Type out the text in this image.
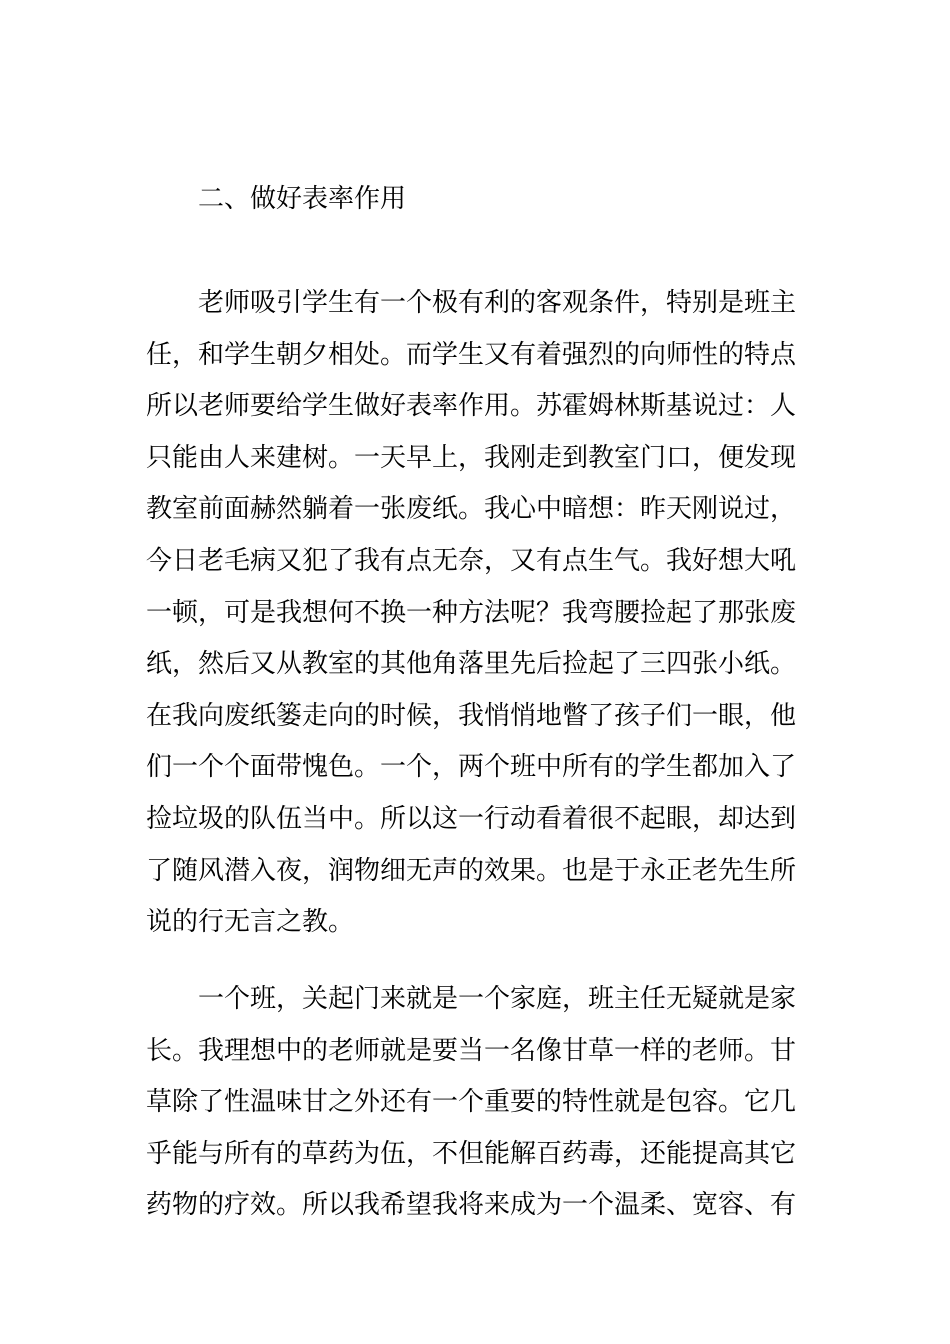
二、做好表率作用
老师吸引学生有一个极有利的客观条件，特别是班主
任，和学生朝夕相处。而学生又有着强烈的向师性的特点
所以老师要给学生做好表率作用。苏霍姆林斯基说过：人
只能由人来建树。一天早上，我刚走到教室门口，便发现
教室前面赫然躺着一张废纸。我心中暗想：昨天刚说过，
今日老毛病又犯了我有点无奈，又有点生气。我好想大吼
一顿，可是我想何不换一种方法呢？我弯腰捡起了那张废
纸，然后又从教室的其他角落里先后捡起了三四张小纸。
在我向废纸篓走向的时候，我悄悄地瞥了孩子们一眼，他
们一个个面带愧色。一个，两个班中所有的学生都加入了
捡垃圾的队伍当中。所以这一行动看着很不起眼，却达到
了随风潜入夜，润物细无声的效果。也是于永正老先生所
说的行无言之教。
一个班，关起门来就是一个家庭，班主任无疑就是家
长。我理想中的老师就是要当一名像甘草一样的老师。甘
草除了性温味甘之外还有一个重要的特性就是包容。它几
乎能与所有的草药为伍，不但能解百药毒，还能提高其它
药物的疗效。所以我希望我将来成为一个温柔、宽容、有
